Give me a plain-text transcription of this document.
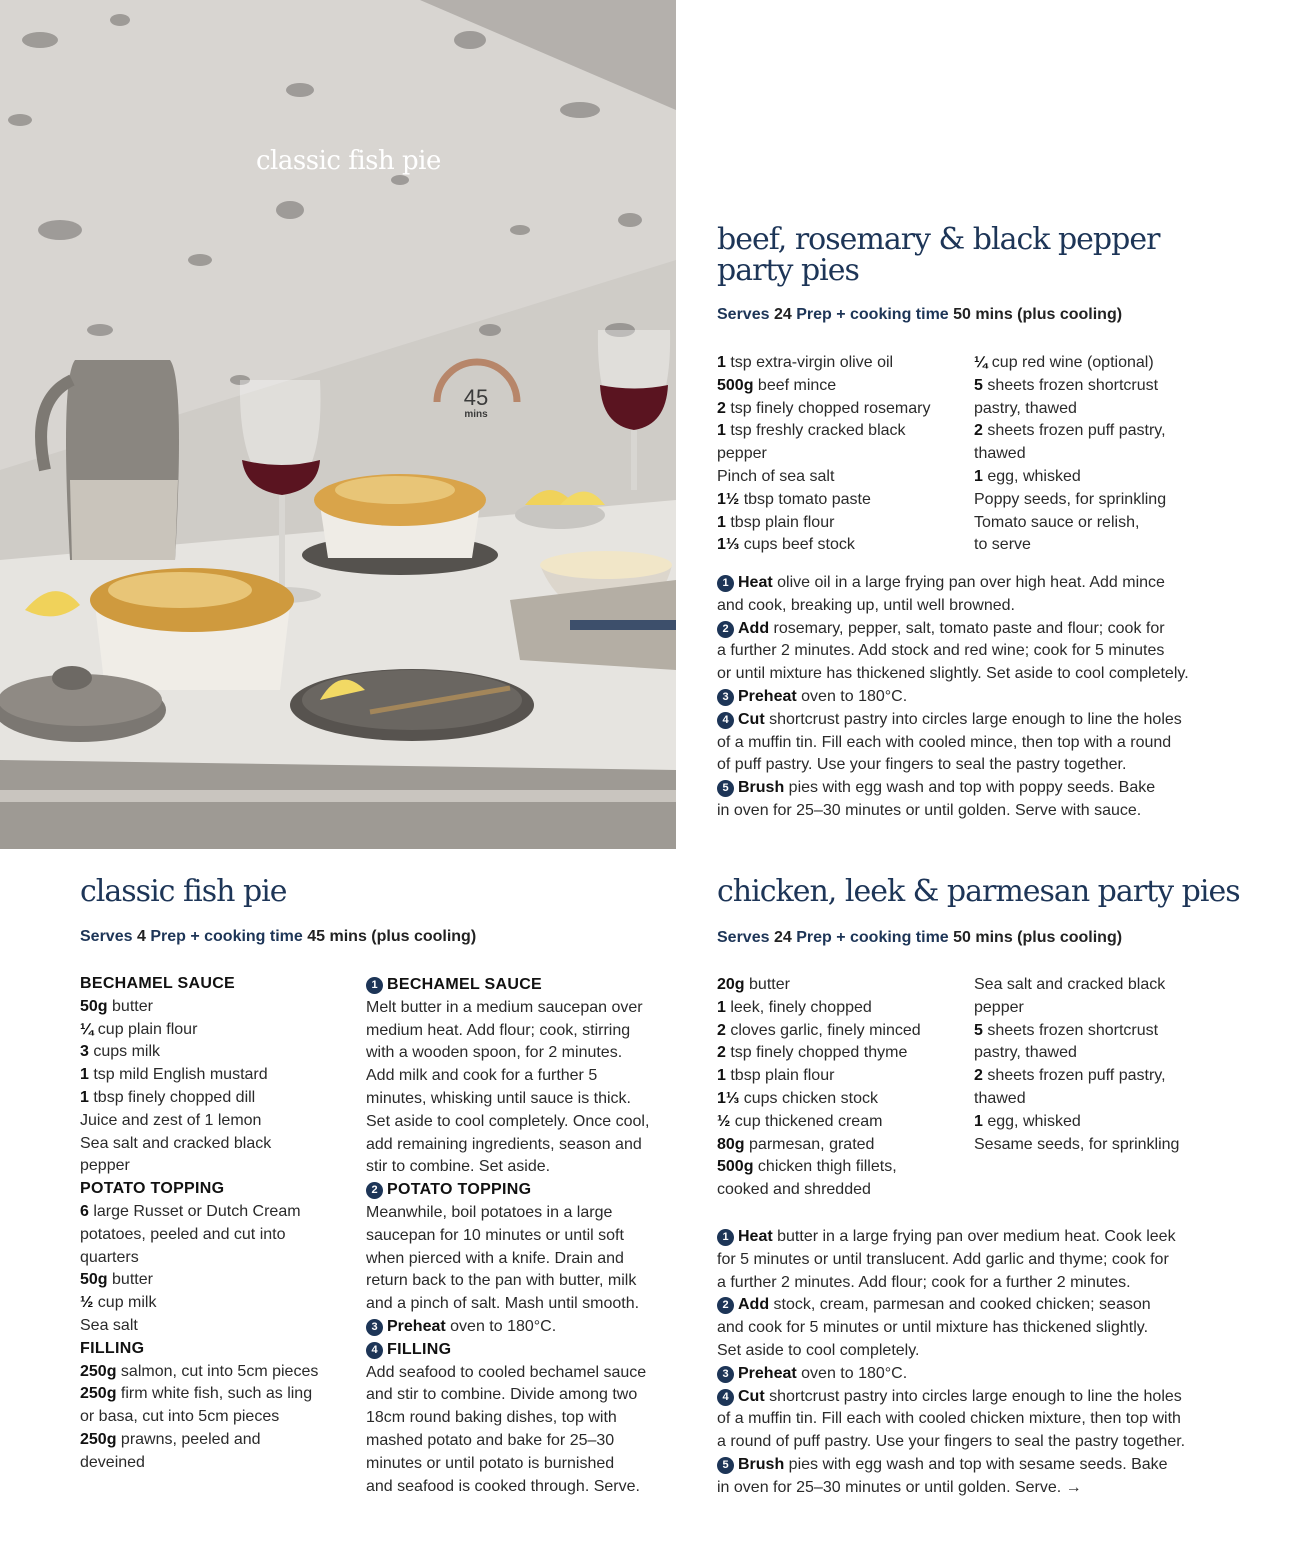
classic fish pie
45
mins
beef, rosemary & black pepper
party pies
Serves 24 Prep + cooking time 50 mins (plus cooling)
1 tsp extra-virgin olive oil
500g beef mince
2 tsp finely chopped rosemary
1 tsp freshly cracked black
pepper
Pinch of sea salt
1½ tbsp tomato paste
1 tbsp plain flour
1⅓ cups beef stock
¼ cup red wine (optional)
5 sheets frozen shortcrust
pastry, thawed
2 sheets frozen puff pastry,
thawed
1 egg, whisked
Poppy seeds, for sprinkling
Tomato sauce or relish,
to serve
1 Heat olive oil in a large frying pan over high heat. Add mince
and cook, breaking up, until well browned.
2 Add rosemary, pepper, salt, tomato paste and flour; cook for
a further 2 minutes. Add stock and red wine; cook for 5 minutes
or until mixture has thickened slightly. Set aside to cool completely.
3 Preheat oven to 180°C.
4 Cut shortcrust pastry into circles large enough to line the holes
of a muffin tin. Fill each with cooled mince, then top with a round
of puff pastry. Use your fingers to seal the pastry together.
5 Brush pies with egg wash and top with poppy seeds. Bake
in oven for 25–30 minutes or until golden. Serve with sauce.
classic fish pie
Serves 4 Prep + cooking time 45 mins (plus cooling)
BECHAMEL SAUCE
50g butter
¼ cup plain flour
3 cups milk
1 tsp mild English mustard
1 tbsp finely chopped dill
Juice and zest of 1 lemon
Sea salt and cracked black
pepper
POTATO TOPPING
6 large Russet or Dutch Cream
potatoes, peeled and cut into
quarters
50g butter
½ cup milk
Sea salt
FILLING
250g salmon, cut into 5cm pieces
250g firm white fish, such as ling
or basa, cut into 5cm pieces
250g prawns, peeled and
deveined
1 BECHAMEL SAUCE
Melt butter in a medium saucepan over
medium heat. Add flour; cook, stirring
with a wooden spoon, for 2 minutes.
Add milk and cook for a further 5
minutes, whisking until sauce is thick.
Set aside to cool completely. Once cool,
add remaining ingredients, season and
stir to combine. Set aside.
2 POTATO TOPPING
Meanwhile, boil potatoes in a large
saucepan for 10 minutes or until soft
when pierced with a knife. Drain and
return back to the pan with butter, milk
and a pinch of salt. Mash until smooth.
3 Preheat oven to 180°C.
4 FILLING
Add seafood to cooled bechamel sauce
and stir to combine. Divide among two
18cm round baking dishes, top with
mashed potato and bake for 25–30
minutes or until potato is burnished
and seafood is cooked through. Serve.
chicken, leek & parmesan party pies
Serves 24 Prep + cooking time 50 mins (plus cooling)
20g butter
1 leek, finely chopped
2 cloves garlic, finely minced
2 tsp finely chopped thyme
1 tbsp plain flour
1⅓ cups chicken stock
½ cup thickened cream
80g parmesan, grated
500g chicken thigh fillets,
cooked and shredded
Sea salt and cracked black
pepper
5 sheets frozen shortcrust
pastry, thawed
2 sheets frozen puff pastry,
thawed
1 egg, whisked
Sesame seeds, for sprinkling
1 Heat butter in a large frying pan over medium heat. Cook leek
for 5 minutes or until translucent. Add garlic and thyme; cook for
a further 2 minutes. Add flour; cook for a further 2 minutes.
2 Add stock, cream, parmesan and cooked chicken; season
and cook for 5 minutes or until mixture has thickened slightly.
Set aside to cool completely.
3 Preheat oven to 180°C.
4 Cut shortcrust pastry into circles large enough to line the holes
of a muffin tin. Fill each with cooled chicken mixture, then top with
a round of puff pastry. Use your fingers to seal the pastry together.
5 Brush pies with egg wash and top with sesame seeds. Bake
in oven for 25–30 minutes or until golden. Serve. →
